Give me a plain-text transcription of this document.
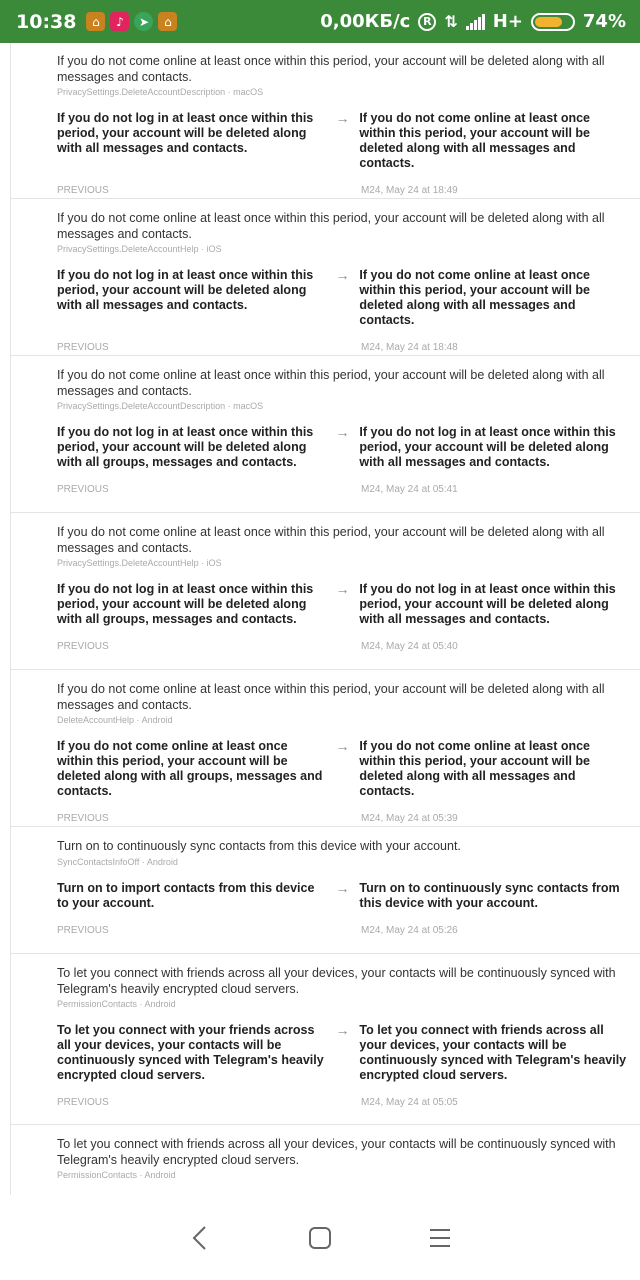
10:38	⌂	♪	➤	⌂	0,00КБ/с	R ⇅ H+	74%
If you do not come online at least once within this period, your account will be deleted along with all messages and contacts.
PrivacySettings.DeleteAccountDescription · macOS
If you do not log in at least once within this period, your account will be deleted along with all messages and contacts.
→ If you do not come online at least once within this period, your account will be deleted along with all messages and contacts.
PREVIOUS	M24, May 24 at 18:49
If you do not come online at least once within this period, your account will be deleted along with all messages and contacts.
PrivacySettings.DeleteAccountHelp · iOS
If you do not log in at least once within this period, your account will be deleted along with all messages and contacts.
→ If you do not come online at least once within this period, your account will be deleted along with all messages and contacts.
PREVIOUS	M24, May 24 at 18:48
If you do not come online at least once within this period, your account will be deleted along with all messages and contacts.
PrivacySettings.DeleteAccountDescription · macOS
If you do not log in at least once within this period, your account will be deleted along with all groups, messages and contacts.
→ If you do not log in at least once within this period, your account will be deleted along with all messages and contacts.
PREVIOUS	M24, May 24 at 05:41
If you do not come online at least once within this period, your account will be deleted along with all messages and contacts.
PrivacySettings.DeleteAccountHelp · iOS
If you do not log in at least once within this period, your account will be deleted along with all groups, messages and contacts.
→ If you do not log in at least once within this period, your account will be deleted along with all messages and contacts.
PREVIOUS	M24, May 24 at 05:40
If you do not come online at least once within this period, your account will be deleted along with all messages and contacts.
DeleteAccountHelp · Android
If you do not come online at least once within this period, your account will be deleted along with all groups, messages and contacts.
→ If you do not come online at least once within this period, your account will be deleted along with all messages and contacts.
PREVIOUS	M24, May 24 at 05:39
Turn on to continuously sync contacts from this device with your account.
SyncContactsInfoOff · Android
Turn on to import contacts from this device to your account.
→ Turn on to continuously sync contacts from this device with your account.
PREVIOUS	M24, May 24 at 05:26
To let you connect with friends across all your devices, your contacts will be continuously synced with Telegram's heavily encrypted cloud servers.
PermissionContacts · Android
To let you connect with your friends across all your devices, your contacts will be continuously synced with Telegram's heavily encrypted cloud servers.
→ To let you connect with friends across all your devices, your contacts will be continuously synced with Telegram's heavily encrypted cloud servers.
PREVIOUS	M24, May 24 at 05:05
To let you connect with friends across all your devices, your contacts will be continuously synced with Telegram's heavily encrypted cloud servers.
PermissionContacts · Android
